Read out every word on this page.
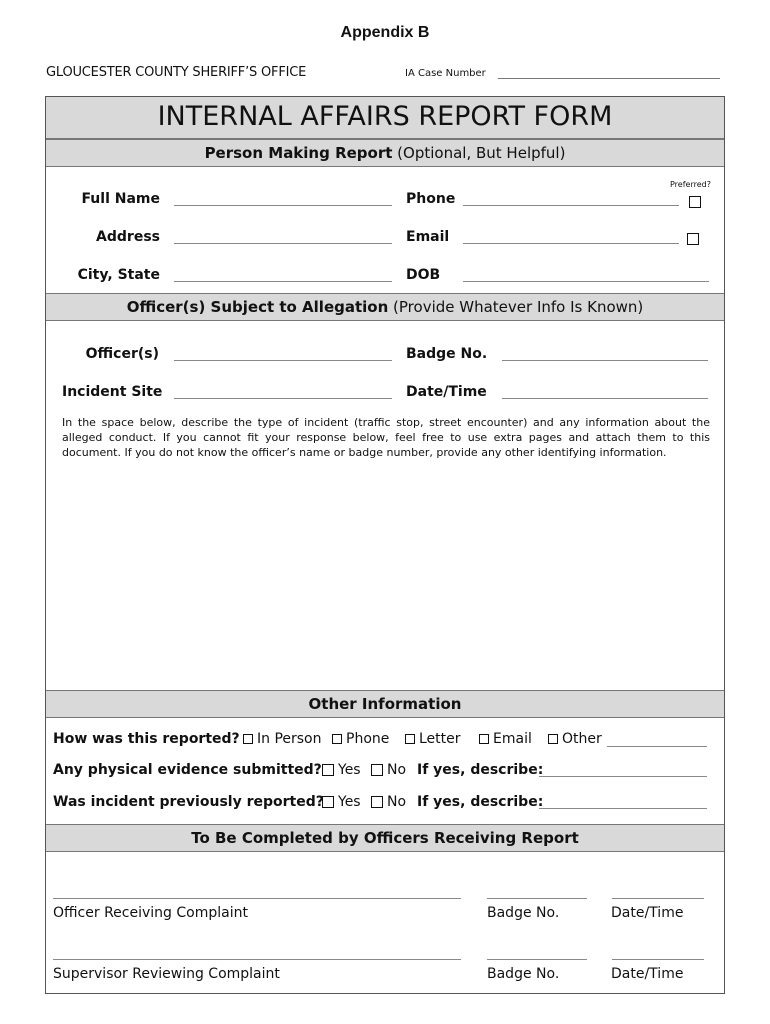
Appendix B
GLOUCESTER COUNTY SHERIFF’S OFFICE	IA Case Number
INTERNAL AFFAIRS REPORT FORM
Person Making Report (Optional, But Helpful)
Preferred?
Full Name	Phone
Address	Email
City, State	DOB
Officer(s) Subject to Allegation (Provide Whatever Info Is Known)
Officer(s)	Badge No.
Incident Site	Date/Time
In the space below, describe the type of incident (traffic stop, street encounter) and any information about the alleged conduct. If you cannot fit your response below, feel free to use extra pages and attach them to this document. If you do not know the officer’s name or badge number, provide any other identifying information.
Other Information
How was this reported?	In Person	Phone	Letter	Email	Other
Any physical evidence submitted?	Yes	No If yes, describe:
Was incident previously reported?	Yes	No If yes, describe:
To Be Completed by Officers Receiving Report
Officer Receiving Complaint	Badge No.	Date/Time
Supervisor Reviewing Complaint	Badge No.	Date/Time
